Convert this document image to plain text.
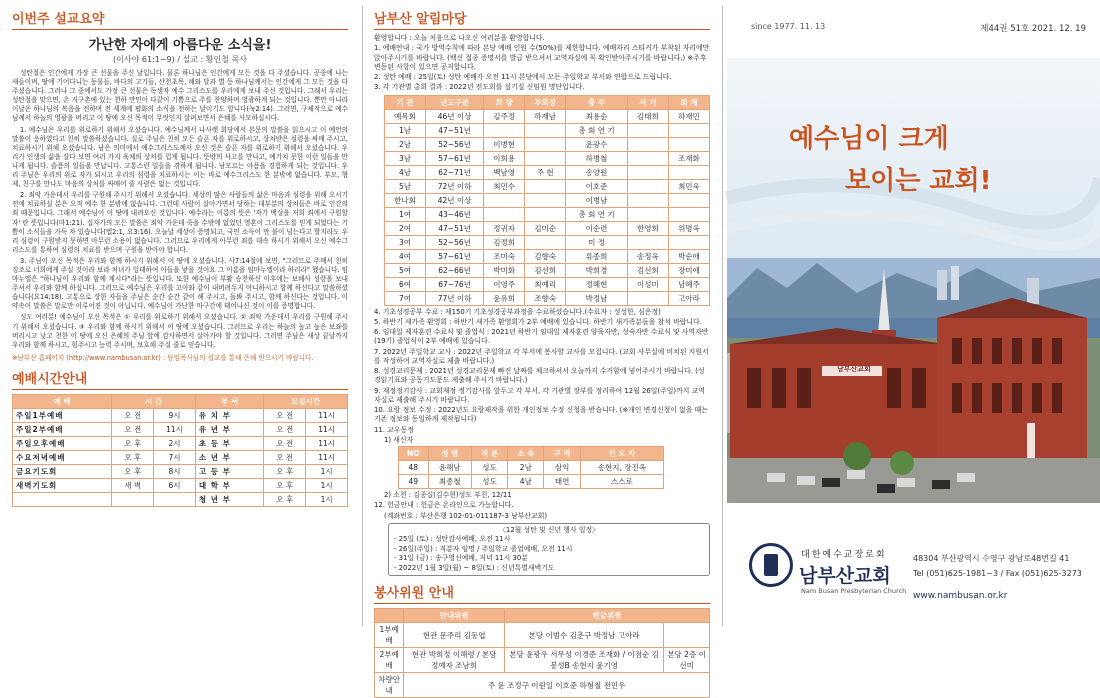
이번주 설교요약
가난한 자에게 아름다운 소식을!
(이사야 61:1~9) / 설교 : 황인철 목사

성탄절은 인간에게 가장 큰 선물을 주신 날입니다. 물론 하나님은 인간에게 모든 것을 다 주셨습니다. 공중에 나는 새들이며, 땅에 기어다니는 동물들, 바다의 고기들, 산천초목, 해와 달과 별 등 하나님께서는 인간에게 그 모든 것을 다 주셨습니다. 그러나 그 중에서도 가장 큰 선물은 독생자 예수 그리스도를 우리에게 보내 주신 것입니다. 그래서 우리는 성탄절을 맞으면, 온 지구촌에 있는 천하 만민이 다같이 기쁨으로 주를 찬양하며 영광하게 되는 것입니다. 뿐만 아니라 이날은 하나님의 복음을 전하며 전 세계에 평화의 소식을 전하는 날이기도 합니다(눅2:14). 그러면, 구체적으로 예수님께서 하늘의 영광을 버리고 이 땅에 오신 목적이 무엇인지 살펴보면서 은혜를 사모하십시다.

1. 예수님은 우리를 위로하기 위해서 오셨습니다. 예수님께서 나사렛 회당에서 본문의 말씀을 읽으시고 이 예언의 말씀이 응하였다고 친히 말씀하셨습니다. 실로 주님은 친히 모든 슬픈 자를 위로하시고, 상처받은 심령을 싸매 주시고, 치료하시기 위해 오셨습니다. 남은 의미에서 예수그리스도께서 오신 것은 슬픈 자를 위로하기 위해서 오셨습니다. 우리가 인생의 삶을 살다 보면 여러 가지 육체의 상처를 입게 됩니다. 뜻밖의 사고를 만나고, 예기치 못한 이런 일들을 만나게 됩니다. 슬픔의 일들을 만납니다. 고통스런 일들을 겪하게 됩니다. 남모르는 아픔을 경험하게 되는 것입니다. 우리 주님은 우리의 위로 자가 되시고 우리의 심령을 치료하시는 이는 바로 예수그리스도 한 분밖에 없습니다. 부모, 형제, 친구를 만나도 마음의 상처를 싸매어 줄 사람은 없는 것입니다.

2. 죄악 가운데서 우리를 구원해 주시기 위해서 오셨습니다. 세상의 많은 사람들의 삶은 마음과 심령을 위해 오시기 전에 치료하실 분은 오직 예수 한 분밖에 없습니다. 그런데 사람이 살아가면서 당하는 대부분의 상처들은 바로 인간의 죄 때문입니다. 그래서 예수님이 이 땅에 내려오신 것입니다. 예수라는 이름의 뜻은 '자기 백성을 저희 죄에서 구원할 자' 란 뜻입니다(마1:21). 십자가의 모든 말씀은 죄악 가운데 죽을 수밖에 없었던 영혼이 그리스도를 믿게 되었다는 기쁨이 소식들을 가득 차 있습니다(엡2:1, 요3:16). 오늘날 세상이 증명되고, 국민 소득이 만 불이 넘는다고 할지라도 우리 심령이 구원받지 못하면 아무런 소용이 없습니다. 그러므로 우리에게 아무런 죄를 대속 하시기 위해서 오신 예수그리스도를 통하여 심령의 치료를 받으며 구원을 받아야 합니다.

3. 주님이 오신 목적은 우리와 함께 하시기 위해서 이 땅에 오셨습니다. 사7:14절에 보면, "그러므로 주께서 친히 징조로 너희에게 주실 것이라 보라 처녀가 잉태하여 아들을 낳을 것이요 그 이름을 임마누엘이라 하리라" 했습니다. 임마누엘은 "하나님이 우리와 함께 계시다"라는 뜻입니다. 또한 예수님이 부활 승천하신 이후에는 보혜사 성령을 보내 주셔서 우리와 함께 하십니다. 그러므로 예수님은 우리를 고아와 같이 내버려두지 아니하시고 함께 하신다고 말씀하셨습니다(요14:18). 고통으로 상한 자들을 주님은 순간 순간 같이 해 주시고, 돌봐 주시고, 함께 하신다는 것입니다. 이 약속이 말씀은 말로만 이루어진 것이 아닙니다. 예수님이 가난한 마구간에 태어나신 것이 이를 증명합니다.

성도 여러분! 예수님이 오신 목적은 ① 우리를 위로하기 위해서 오셨습니다. ② 죄악 가운데서 우리를 구원해 주시기 위해서 오셨습니다. ③ 우리와 함께 하시기 위해서 이 땅에 오셨습니다. 그러므로 우리는 하늘의 높고 높은 보좌를 버리시고 낮고 천한 이 땅에 오신 은혜의 주님 앞에 감사하면서 살아가야 할 것입니다. 그러면 주님은 새상 끝날까지 우리와 함께 하시고, 힘주시고 능력 주시며, 보호해 주실 줄로 믿습니다.

※남부산 홈페이지 (http://www.nambusan.or.kr) : 담임목사님의 설교를 통해 은혜 받으시기 바랍니다.
예배시간안내
예 배	시 간		부 서	모임시간	
주일1부예배	오 전	9시	유 치 부	오 전	11시
주일2부예배	오 전	11시	유 년 부	오 전	11시
주일오후예배	오 후	2시	초 등 부	오 전	11시
수요저녁예배	오 후	7시	소 년 부	오 전	11시
금요기도회	오 후	8시	고 등 부	오 후	1시
새벽기도회	새 벽	6시	대 학 부	오 후	1시
			청 년 부	오 후	1시
남부산 알림마당
환영합니다 : 오늘 처음으로 나오신 여러분을 환영합니다.
1. 예배안내 : 국가 방역수칙에 따라 본당 예배 인원 수(50%)를 제한합니다. 예배자리 스티커가 부착된 자리에만 앉아주시기를 바랍니다. (백신 접종 증명서를 발급 받으셔서 교역자실에 꼭 확인받아주시기를 바랍니다.) ※주후 변동된 사항이 있으면 공지합니다.
2. 성탄 예배 : 25일(토) 성탄 예배가 오전 11시 본당에서 모든 주일학교 부서와 연합으로 드립니다.
3. 각 기관별 총회 결과 : 2022년 전도회를 설기실 신임원 명단입니다.
기 관	년도구분	회 장	부회장	총 무	서 기	회 계
예목회	46년 이상	김주정	하재남	최용순	김태희	하재민
1남	47~51년			총 회 연 기		
2남	52~56년	이병현		윤광수		
3남	57~61년	이희용		하병철		조재화
4남	62~71년	백남영	주 현	송양원		
5남	72년 이하	최민수		이호준		최민욱
한나회	42년 이상			이병남		
1여	43~46년			총 회 연 기		
2여	47~51년	정귀자	김미순	이순련	한영희	위명옥
3여	52~56년	김정희		미 정		
4여	57~61년	조미숙	김향숙	류종희	송정옥	박순애
5여	62~66년	박미화	김선희	박희경	김선희	장미애
6여	67~76년	이영주	최예리	정혜현	이성미	남혜주
7여	77년 이하	윤유희	조향숙	박정남		고아라
4. 기초성경공부 수료 : 제150기 기초성경공부과정을 수료하셨습니다.(수료자 : 성성한, 심은정)
5. 하반기 새가족 환영회 : 하반기 새가족 환영회가 2부 예배에 있습니다. 하반기 새가족분들을 참석 바랍니다.
6. 임대일 제자훈련 수료식 및 졸업식 : 2021년 하반기 임대일 제자훈련 양육자반, 성숙자반 수료식 및 사역자반(19기) 졸업식이 2부 예배에 있습니다.
7. 2022년 주일학교 교사 : 2022년 주일학교 각 부서에 봉사할 교사를 모집니다. (교회 사무실에 비치된 지원서를 작성하여 교역자실로 제출 바랍니다.)
8. 성경교리문제 : 2021년 성경교리문제 빠진 날짜를 체크하셔서 오늘까지 수거함에 넣어주시기 바랍니다. (성경읽기표와 공동기도문도 제출해 주시기 바랍니다.)
9. 재정정기감사 : 교회재정 정기감사를 앞두고 각 부서, 각 기관별 장부를 정리하여 12월 26일(주일)까지 교역자실로 제출해 주시기 바랍니다.
10. 요람 정보 수정 : 2022년도 요람제작을 위한 개인정보 수정 신청을 받습니다. (※개인 변경신청이 없을 때는 기존 정보와 동일하게 제작됩니다)
11. 교우동정
1) 새신자
NO	성 명	직 분	소 속	구 역	인 도 자
48	윤해남	성도	2남	삼익	송현지, 장진옥
49	최종철	성도	4남	태연	스스로
2) 소천 : 김종실(김수현)성도 부친, 12/11
12. 헌금안내 : 헌금은 온라인으로 가능합니다.
(계좌번호 : 부산은행 102-01-011187-3 남부산교회)
〈12월 성탄 및 신년 행사 일정〉
- 25일 (토) : 성탄감사예배, 오전 11시
- 26일(주일) : 직분자 임명 / 주일학교 졸업예배, 오전 11시
- 31일 (금) : 송구영신예배, 저녁 11시 30분
- 2022년 1월 3일(월) ~ 8일(토) : 신년특별새벽기도
봉사위원 안내
	안내위원	헌금위원	
1부예배	현관 문주리 김동엽	본당 이범수 김춘구 박정남 고아라	
2부예배	현관 박희정 이해령 / 본당 정예자 조남희	본당 윤광우 서무성 이경준 조재화 / 이점순 김봉성B 송현지 윤기영	본당 2층 이선미
차량안내	주 윤 조정구 이원일 이호준 하형철 전민우		
since 1977. 11. 13	제44권 51호 2021. 12. 19
예수님이 크게
보이는 교회!
남부산교회
대한예수교장로회
남부산교회
Nam Busan Presbyterian Church
48304 부산광역시 수영구 광남로48번길 41
Tel (051)625-1981~3 / Fax (051)625-3273
www.nambusan.or.kr
